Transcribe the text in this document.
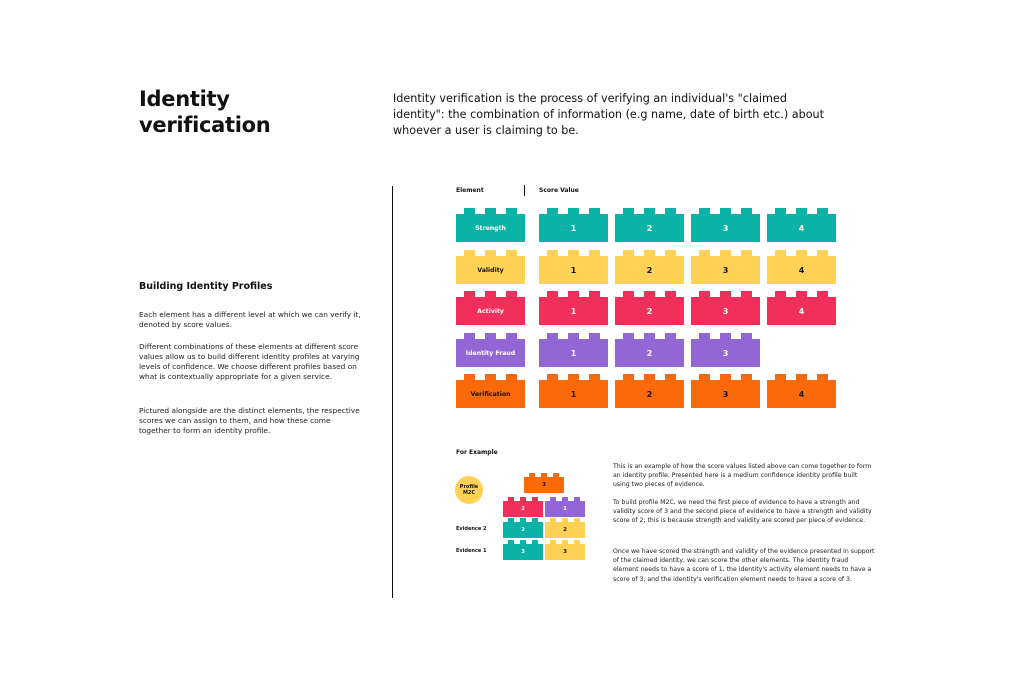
Identity verification
Identity verification is the process of verifying an individual's "claimed identity": the combination of information (e.g name, date of birth etc.) about whoever a user is claiming to be.
Building Identity Profiles
Each element has a different level at which we can verify it, denoted by score values.
Different combinations of these elements at different score values allow us to build different identity profiles at varying levels of confidence. We choose different profiles based on what is contextually appropriate for a given service.
Pictured alongside are the distinct elements, the respective scores we can assign to them, and how these come together to form an identity profile.
Element	Score Value
Strength	1	2	3	4
Validity	1	2	3	4
Activity	1	2	3	4
Identity Fraud	1	2	3
Verification	1	2	3	4
For Example
Profile M2C
Evidence 2
Evidence 1
3
2	1
2	2
3	3
This is an example of how the score values listed above can come together to form an identity profile. Presented here is a medium confidence identity profile built using two pieces of evidence.
To build profile M2C, we need the first piece of evidence to have a strength and validity score of 3 and the second piece of evidence to have a strength and validity score of 2; this is because strength and validity are scored per piece of evidence.
Once we have scored the strength and validity of the evidence presented in support of the claimed identity, we can score the other elements. The identity fraud element needs to have a score of 1, the identity's activity element needs to have a score of 3, and the identity's verification element needs to have a score of 3.
